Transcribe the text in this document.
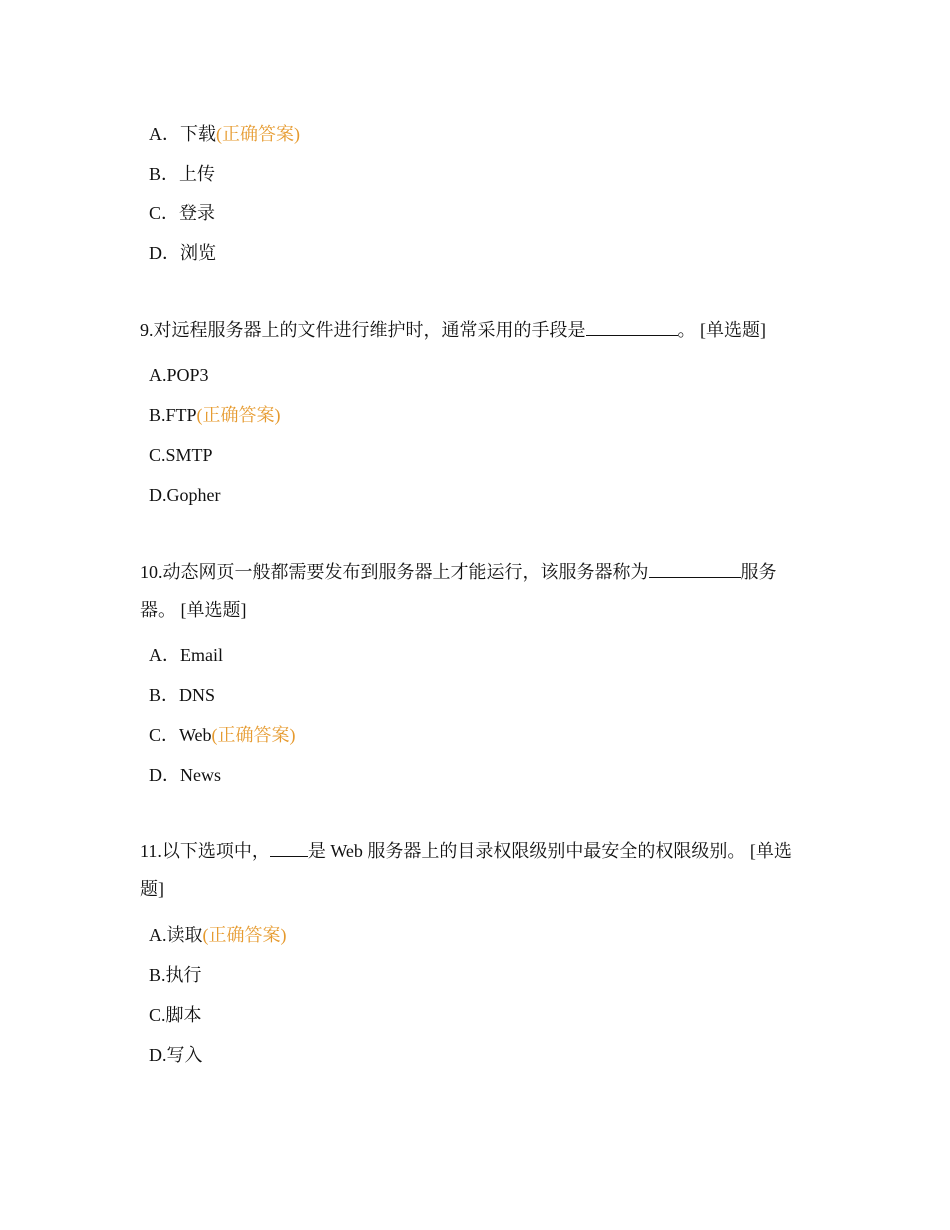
A．下载(正确答案)
B．上传
C．登录
D．浏览

9.对远程服务器上的文件进行维护时，通常采用的手段是	。 [单选题]

A.POP3
B.FTP(正确答案)
C.SMTP
D.Gopher

10.动态网页一般都需要发布到服务器上才能运行，该服务器称为	服务器。 [单选题]

A．Email
B．DNS
C．Web(正确答案)
D．News

11.以下选项中， 是 Web 服务器上的目录权限级别中最安全的权限级别。 [单选题]

A.读取(正确答案)
B.执行
C.脚本
D.写入
